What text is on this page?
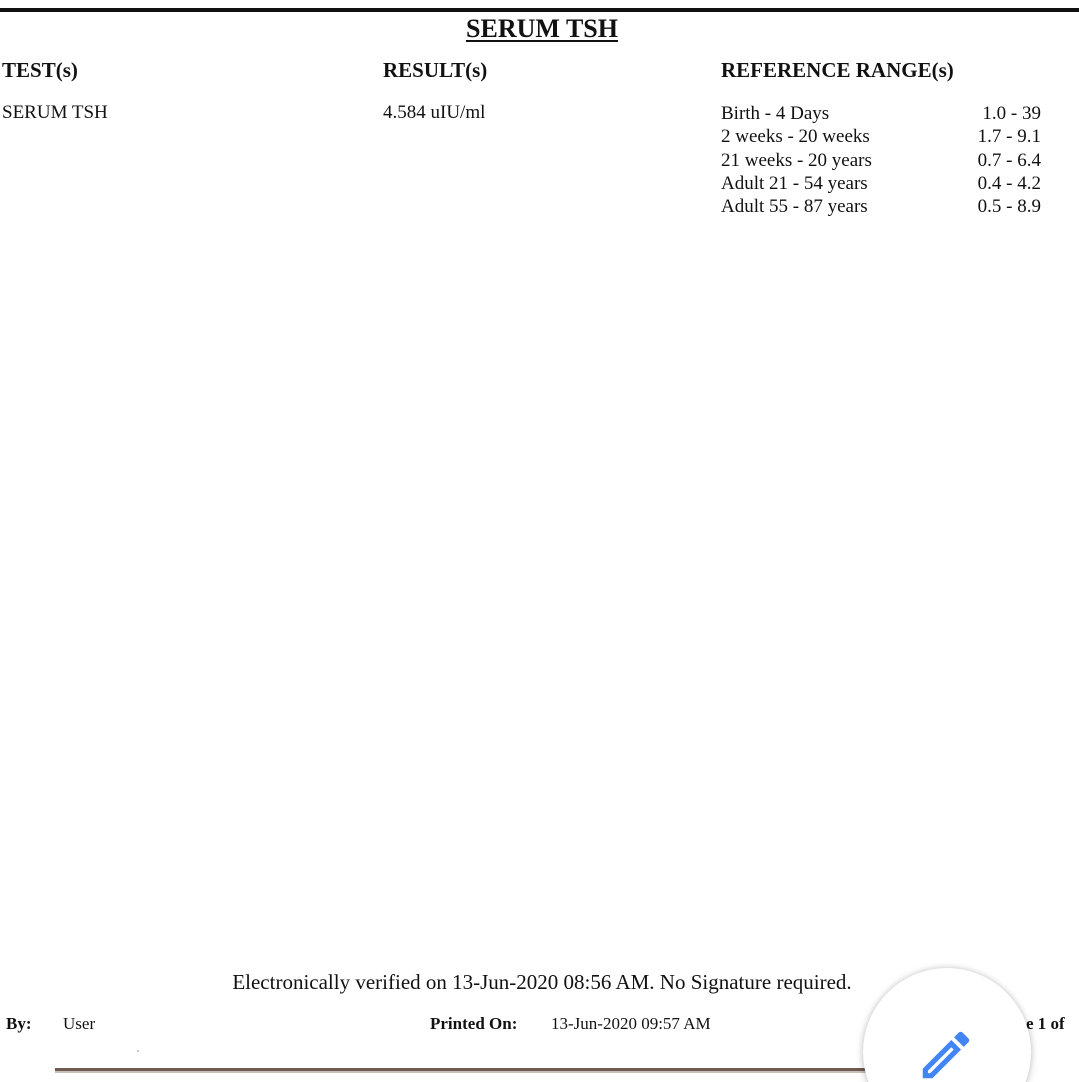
SERUM TSH
TEST(s)	RESULT(s)	REFERENCE RANGE(s)
SERUM TSH	4.584 uIU/ml	Birth - 4 Days	1.0 - 39
2 weeks - 20 weeks	1.7 - 9.1
21 weeks - 20 years	0.7 - 6.4
Adult 21 - 54 years	0.4 - 4.2
Adult 55 - 87 years	0.5 - 8.9
Electronically verified on 13-Jun-2020 08:56 AM. No Signature required.
By: User	Printed On: 13-Jun-2020 09:57 AM	e 1 of
